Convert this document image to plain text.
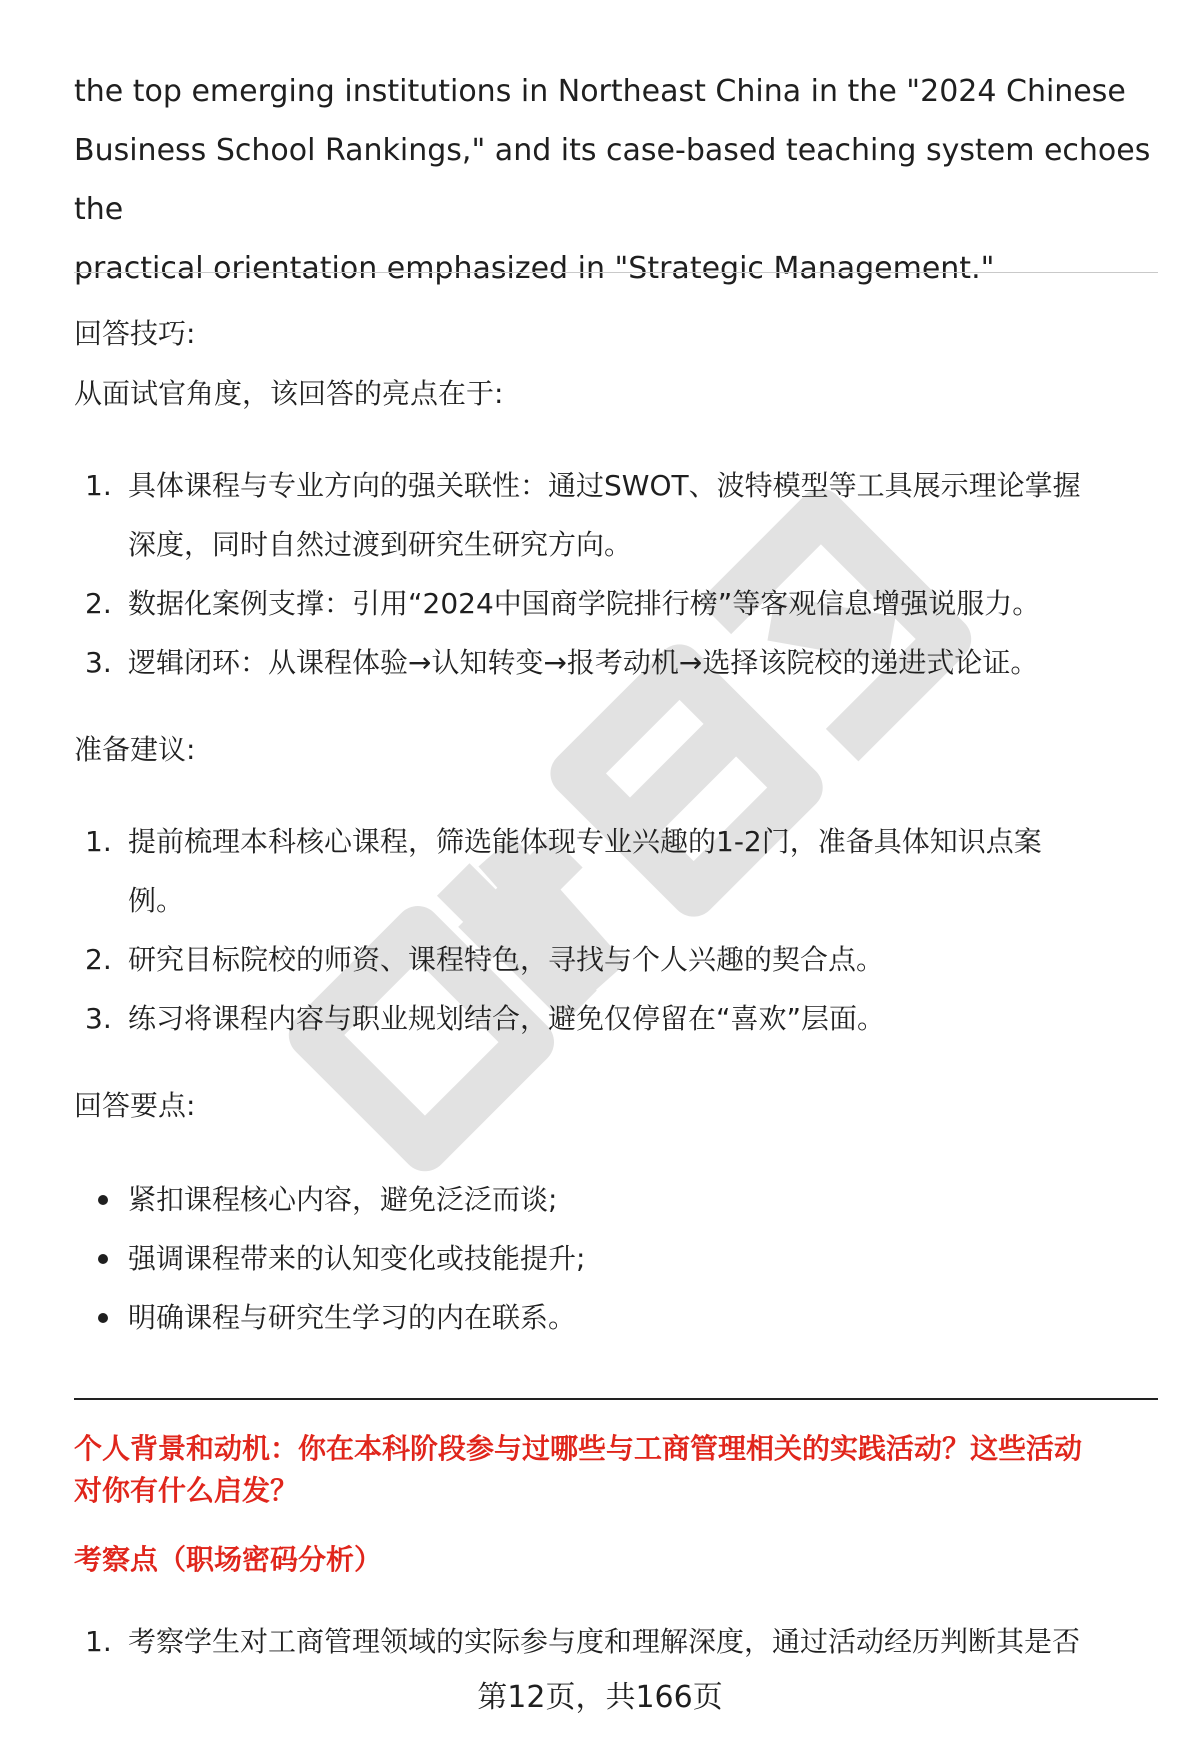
the top emerging institutions in Northeast China in the "2024 Chinese
Business School Rankings," and its case-based teaching system echoes the
practical orientation emphasized in "Strategic Management."

回答技巧:

从面试官角度，该回答的亮点在于:

1. 具体课程与专业方向的强关联性：通过SWOT、波特模型等工具展示理论掌握
深度，同时自然过渡到研究生研究方向。
2. 数据化案例支撑：引用“2024中国商学院排行榜”等客观信息增强说服力。
3. 逻辑闭环：从课程体验→认知转变→报考动机→选择该院校的递进式论证。

准备建议:

1. 提前梳理本科核心课程，筛选能体现专业兴趣的1-2门，准备具体知识点案
例。
2. 研究目标院校的师资、课程特色，寻找与个人兴趣的契合点。
3. 练习将课程内容与职业规划结合，避免仅停留在“喜欢”层面。

回答要点:

紧扣课程核心内容，避免泛泛而谈;
强调课程带来的认知变化或技能提升;
明确课程与研究生学习的内在联系。
个人背景和动机：你在本科阶段参与过哪些与工商管理相关的实践活动？这些活动
对你有什么启发？

考察点（职场密码分析）

1. 考察学生对工商管理领域的实际参与度和理解深度，通过活动经历判断其是否
第12页，共166页
